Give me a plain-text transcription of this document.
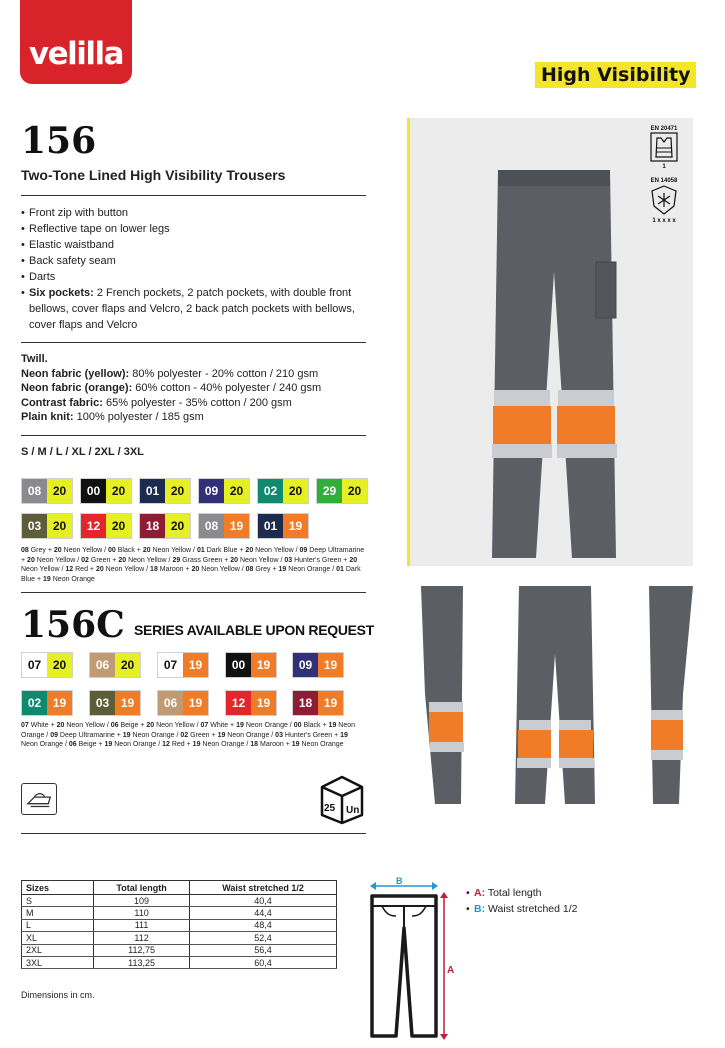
velilla
High Visibility
156
Two-Tone Lined High Visibility Trousers
• Front zip with button
• Reflective tape on lower legs
• Elastic waistband
• Back safety seam
• Darts
• Six pockets: 2 French pockets, 2 patch pockets, with double front bellows, cover flaps and Velcro, 2 back patch pockets with bellows, cover flaps and Velcro
Twill.
Neon fabric (yellow): 80% polyester - 20% cotton / 210 gsm
Neon fabric (orange): 60% cotton - 40% polyester / 240 gsm
Contrast fabric: 65% polyester - 35% cotton / 200 gsm
Plain knit: 100% polyester / 185 gsm
S / M / L / XL / 2XL / 3XL
08 20	00 20	01 20	09 20	02 20	29 20
03 20	12 20	18 20	08 19	01 19
08 Grey + 20 Neon Yellow / 00 Black + 20 Neon Yellow / 01 Dark Blue + 20 Neon Yellow / 09 Deep Ultramarine + 20 Neon Yellow / 02 Green + 20 Neon Yellow / 29 Grass Green + 20 Neon Yellow / 03 Hunter's Green + 20 Neon Yellow / 12 Red + 20 Neon Yellow / 18 Maroon + 20 Neon Yellow / 08 Grey + 19 Neon Orange / 01 Dark Blue + 19 Neon Orange
156C SERIES AVAILABLE UPON REQUEST
07 20	06 20	07 19	00 19	09 19
02 19	03 19	06 19	12 19	18 19
07 White + 20 Neon Yellow / 06 Beige + 20 Neon Yellow / 07 White + 19 Neon Orange / 00 Black + 19 Neon Orange / 09 Deep Ultramarine + 19 Neon Orange / 02 Green + 19 Neon Orange / 03 Hunter's Green + 19 Neon Orange / 06 Beige + 19 Neon Orange / 12 Red + 19 Neon Orange / 18 Maroon + 19 Neon Orange
25 Un
Sizes	Total length	Waist stretched 1/2
S	109	40,4
M	110	44,4
L	111	48,4
XL	112	52,4
2XL	112,75	56,4
3XL	113,25	60,4
Dimensions in cm.
B
A
• A: Total length
• B: Waist stretched 1/2
EN 20471
1
EN 14058
1 x x x x
